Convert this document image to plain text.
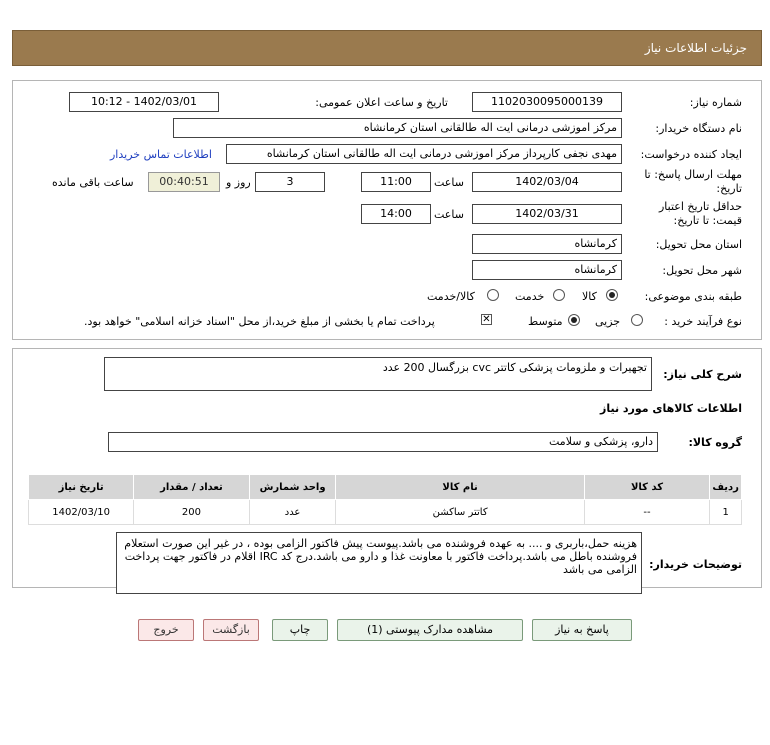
جزئیات اطلاعات نیاز
شماره نیاز:
1102030095000139
تاریخ و ساعت اعلان عمومی:
1402/03/01 - 10:12
نام دستگاه خریدار:
مرکز اموزشی درمانی ایت اله طالقانی استان کرمانشاه
ایجاد کننده درخواست:
مهدی نجفی کارپرداز مرکز اموزشی درمانی ایت اله طالقانی استان کرمانشاه
اطلاعات تماس خریدار
مهلت ارسال پاسخ: تا
تاریخ:
1402/03/04
ساعت
11:00
3
روز و
00:40:51
ساعت باقی مانده
حداقل تاریخ اعتبار
قیمت: تا تاریخ:
1402/03/31
ساعت
14:00
استان محل تحویل:
کرمانشاه
شهر محل تحویل:
کرمانشاه
طبقه بندی موضوعی:
کالا
خدمت
کالا/خدمت
نوع فرآیند خرید :
جزیی
متوسط
✕
پرداخت تمام یا بخشی از مبلغ خرید،از محل "اسناد خزانه اسلامی" خواهد بود.
شرح کلی نیاز:
تجهیرات و ملزومات پزشکی کاتتر cvc بزرگسال 200 عدد
اطلاعات کالاهای مورد نیاز
گروه کالا:
دارو، پزشکی و سلامت
ردیف	کد کالا	نام کالا	واحد شمارش	تعداد / مقدار	تاریخ نیاز
1	--	کاتتر ساکشن	عدد	200	1402/03/10
توضیحات خریدار:
هزینه حمل،باربری و .... به عهده فروشنده می باشد.پیوست پیش فاکتور الزامی بوده ، در غیر این صورت استعلام فروشنده باطل می باشد.پرداخت فاکتور با معاونت غذا و دارو می باشد.درج کد IRC اقلام در فاکتور جهت پرداخت الزامی می باشد
پاسخ به نیاز
مشاهده مدارک پیوستی (1)
چاپ
بازگشت
خروج
